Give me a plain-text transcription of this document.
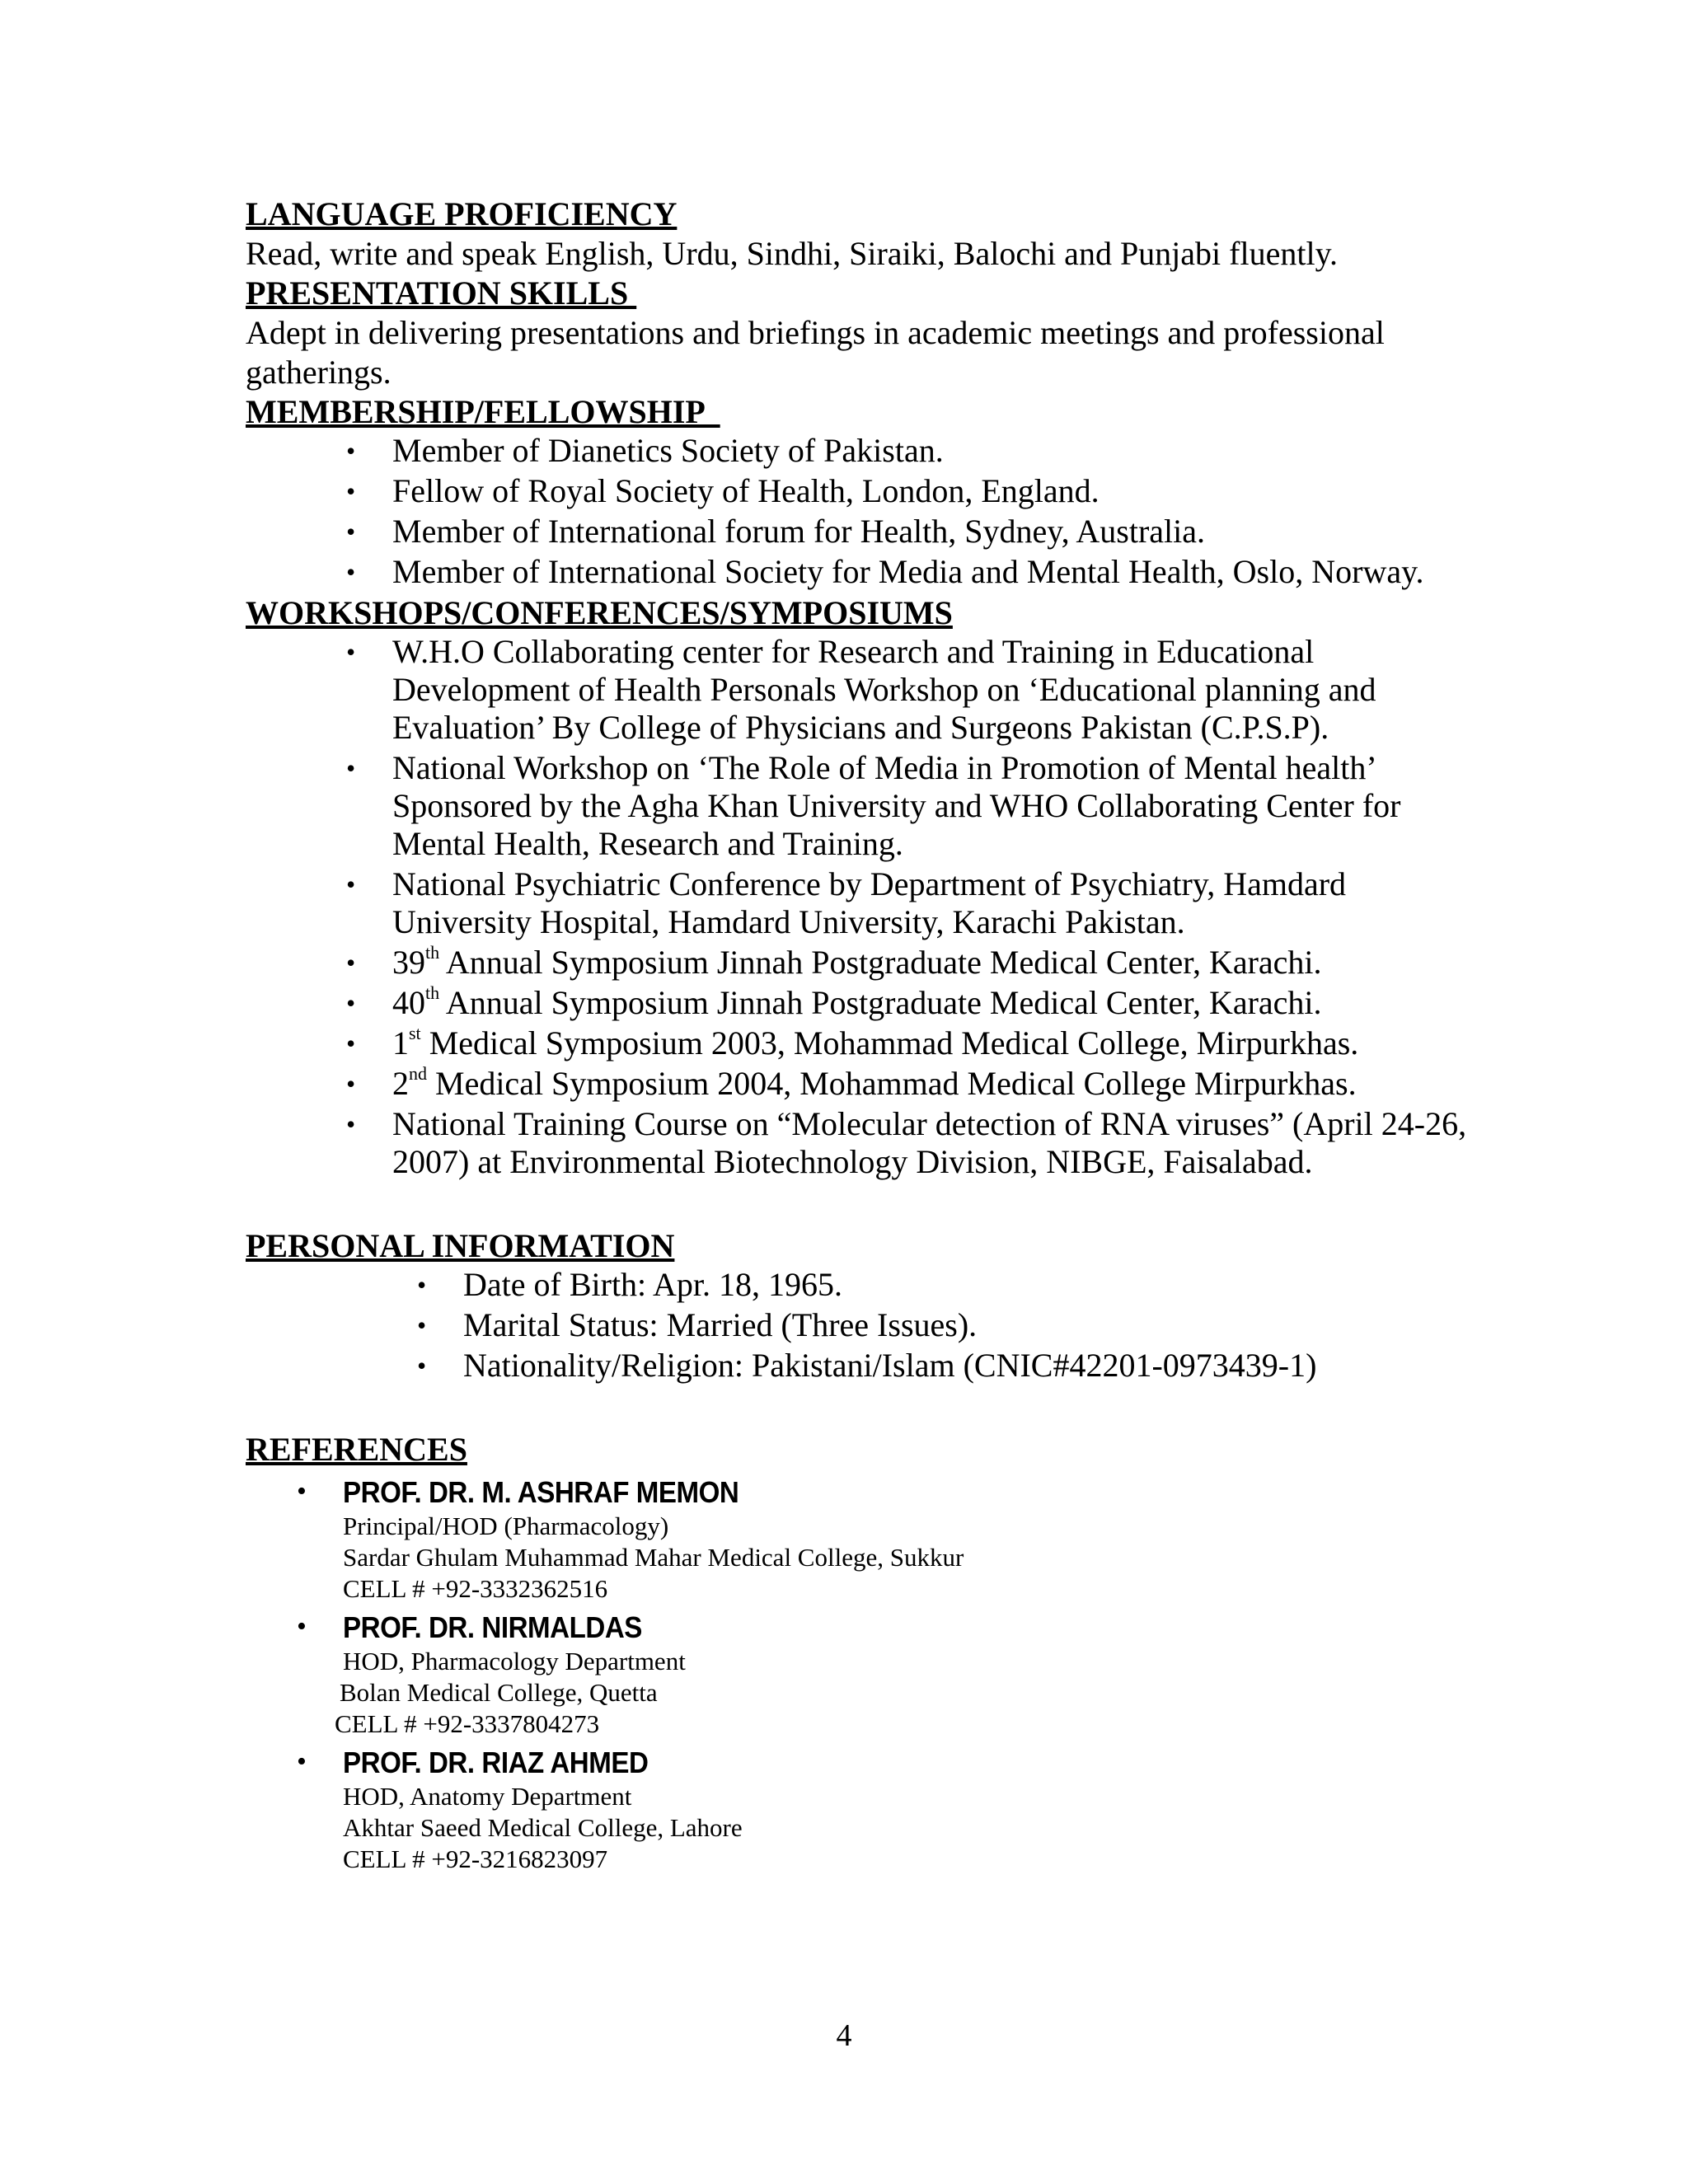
LANGUAGE PROFICIENCY

Read, write and speak English, Urdu, Sindhi, Siraiki, Balochi and Punjabi fluently.

PRESENTATION SKILLS

Adept in delivering presentations and briefings in academic meetings and professional gatherings.

MEMBERSHIP/FELLOWSHIP
• Member of Dianetics Society of Pakistan.
• Fellow of Royal Society of Health, London, England.
• Member of International forum for Health, Sydney, Australia.
• Member of International Society for Media and Mental Health, Oslo, Norway.
WORKSHOPS/CONFERENCES/SYMPOSIUMS
• W.H.O Collaborating center for Research and Training in Educational Development of Health Personals Workshop on ‘Educational planning and Evaluation’ By College of Physicians and Surgeons Pakistan (C.P.S.P).
• National Workshop on ‘The Role of Media in Promotion of Mental health’ Sponsored by the Agha Khan University and WHO Collaborating Center for Mental Health, Research and Training.
• National Psychiatric Conference by Department of Psychiatry, Hamdard University Hospital, Hamdard University, Karachi Pakistan.
• 39th Annual Symposium Jinnah Postgraduate Medical Center, Karachi.
• 40th Annual Symposium Jinnah Postgraduate Medical Center, Karachi.
• 1st Medical Symposium 2003, Mohammad Medical College, Mirpurkhas.
• 2nd Medical Symposium 2004, Mohammad Medical College Mirpurkhas.
• National Training Course on “Molecular detection of RNA viruses” (April 24-26, 2007) at Environmental Biotechnology Division, NIBGE, Faisalabad.
PERSONAL INFORMATION
• Date of Birth: Apr. 18, 1965.
• Marital Status: Married (Three Issues).
• Nationality/Religion: Pakistani/Islam (CNIC#42201-0973439-1)
REFERENCES
• PROF. DR. M. ASHRAF MEMON
Principal/HOD (Pharmacology)
Sardar Ghulam Muhammad Mahar Medical College, Sukkur
CELL # +92-3332362516
• PROF. DR. NIRMALDAS
HOD, Pharmacology Department
Bolan Medical College, Quetta
CELL # +92-3337804273
• PROF. DR. RIAZ AHMED
HOD, Anatomy Department
Akhtar Saeed Medical College, Lahore
CELL # +92-3216823097
4
